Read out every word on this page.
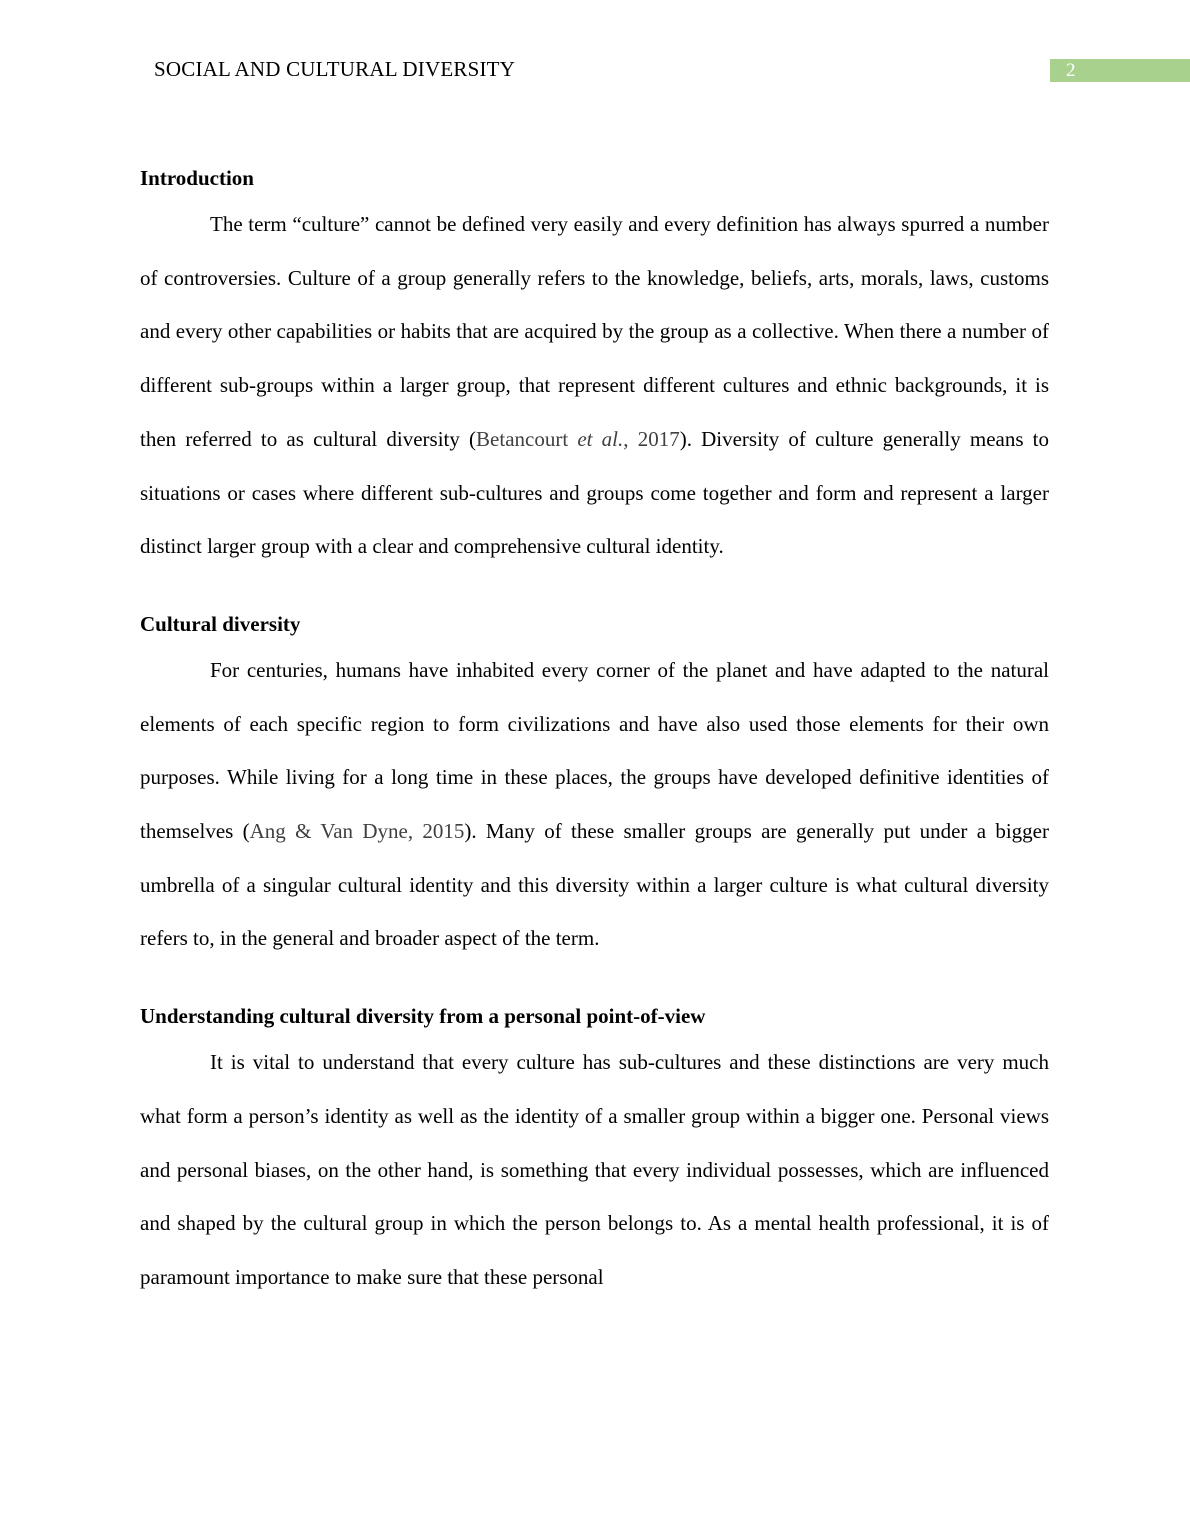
SOCIAL AND CULTURAL DIVERSITY	2
Introduction

The term “culture” cannot be defined very easily and every definition has always spurred a number of controversies. Culture of a group generally refers to the knowledge, beliefs, arts, morals, laws, customs and every other capabilities or habits that are acquired by the group as a collective. When there a number of different sub-groups within a larger group, that represent different cultures and ethnic backgrounds, it is then referred to as cultural diversity (Betancourt et al., 2017). Diversity of culture generally means to situations or cases where different sub-cultures and groups come together and form and represent a larger distinct larger group with a clear and comprehensive cultural identity.

Cultural diversity

For centuries, humans have inhabited every corner of the planet and have adapted to the natural elements of each specific region to form civilizations and have also used those elements for their own purposes. While living for a long time in these places, the groups have developed definitive identities of themselves (Ang & Van Dyne, 2015). Many of these smaller groups are generally put under a bigger umbrella of a singular cultural identity and this diversity within a larger culture is what cultural diversity refers to, in the general and broader aspect of the term.

Understanding cultural diversity from a personal point-of-view

It is vital to understand that every culture has sub-cultures and these distinctions are very much what form a person’s identity as well as the identity of a smaller group within a bigger one. Personal views and personal biases, on the other hand, is something that every individual possesses, which are influenced and shaped by the cultural group in which the person belongs to. As a mental health professional, it is of paramount importance to make sure that these personal
